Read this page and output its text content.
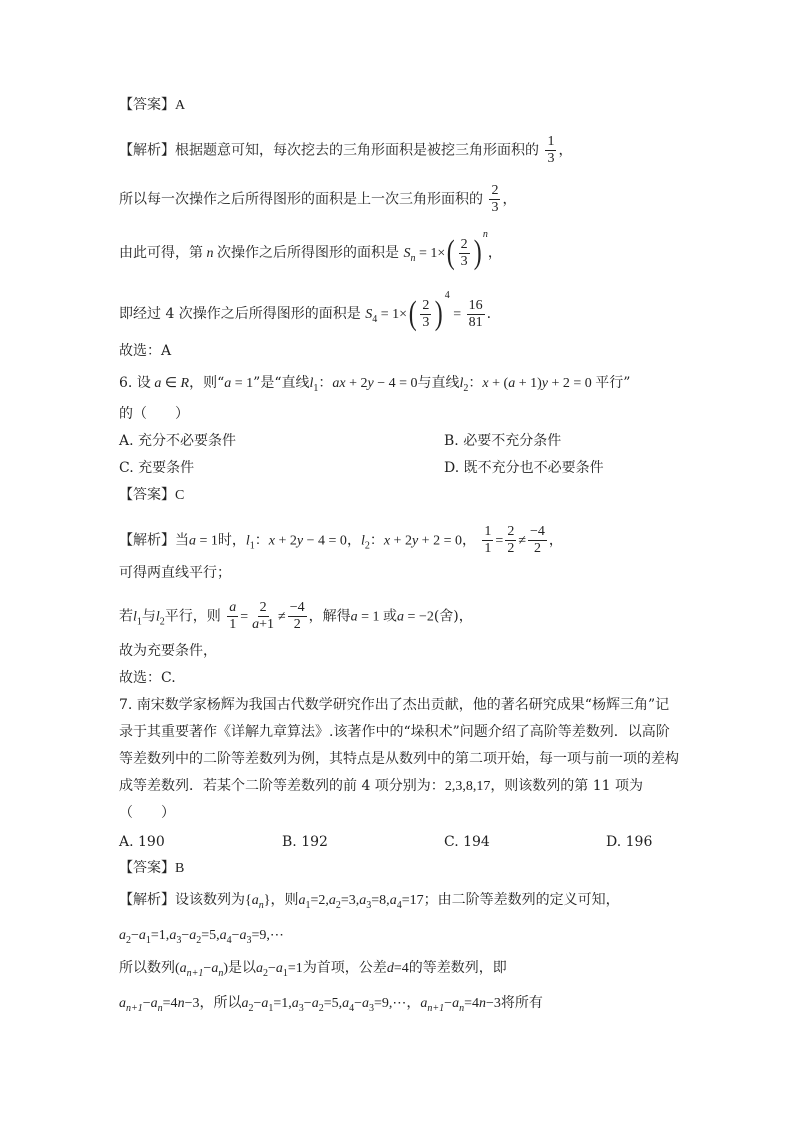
【答案】A
【解析】根据题意可知，每次挖去的三角形面积是被挖三角形面积的 $\frac{1}{3}$ ，
所以每一次操作之后所得图形的面积是上一次三角形面积的 $\frac{2}{3}$ ，
由此可得，第 n 次操作之后所得图形的面积是 $S_n = 1\times$ ( $\frac{2}{3}$ ) $^n$，
即经过 4 次操作之后所得图形的面积是 $S_4 = 1\times$ ( $\frac{2}{3}$ ) $^4 = \frac{16}{81}$ .
故选：A
6. 设 a ∈ R，则“a = 1”是“直线$l_1$：ax + 2y − 4 = 0与直线$l_2$：x + (a + 1)y + 2 = 0 平行”
的（　　）
A. 充分不必要条件	B. 必要不充分条件
C. 充要条件	D. 既不充分也不必要条件
【答案】C
【解析】当a = 1时，$l_1$：x + 2y − 4 = 0，$l_2$：x + 2y + 2 = 0， $\frac{1}{1} = \frac{2}{2} \ne \frac{-4}{2}$ ，
可得两直线平行；
若$l_1$与$l_2$平行，则 $\frac{a}{1} = \frac{2}{a+1} \ne \frac{-4}{2}$ ，解得a = 1 或a = −2(舍)，
故为充要条件，
故选：C.
7. 南宋数学家杨辉为我国古代数学研究作出了杰出贡献，他的著名研究成果“杨辉三角”记
录于其重要著作《详解九章算法》.该著作中的“垛积术”问题介绍了高阶等差数列．以高阶
等差数列中的二阶等差数列为例，其特点是从数列中的第二项开始，每一项与前一项的差构
成等差数列．若某个二阶等差数列的前 4 项分别为：2,3,8,17，则该数列的第 11 项为
（　　）
A. 190	B. 192	C. 194	D. 196
【答案】B
【解析】设该数列为$\{a_n\}$，则$a_1=2,a_2=3,a_3=8,a_4=17$；由二阶等差数列的定义可知，
$a_2-a_1=1,a_3-a_2=5,a_4-a_3=9,\cdots$
所以数列$(a_{n+1}-a_n)$是以$a_2-a_1=1$为首项，公差d=4的等差数列，即
$a_{n+1}-a_n=4n-3$，所以$a_2-a_1=1,a_3-a_2=5,a_4-a_3=9,\cdots$，$a_{n+1}-a_n=4n-3$将所有
